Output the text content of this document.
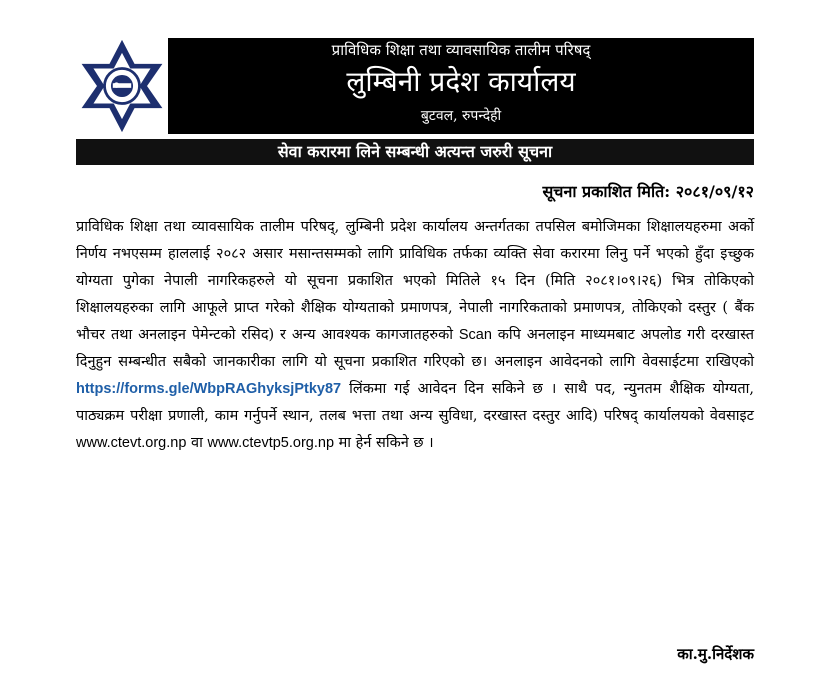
प्राविधिक शिक्षा तथा व्यावसायिक तालीम परिषद्
लुम्बिनी प्रदेश कार्यालय
बुटवल, रुपन्देही
सेवा करारमा लिने सम्बन्धी अत्यन्त जरुरी सूचना
सूचना प्रकाशित मिति: २०८१/०९/१२
प्राविधिक शिक्षा तथा व्यावसायिक तालीम परिषद्, लुम्बिनी प्रदेश कार्यालय अन्तर्गतका तपसिल बमोजिमका शिक्षालयहरुमा अर्को निर्णय नभएसम्म हाललाई २०८२ असार मसान्तसम्मको लागि प्राविधिक तर्फका व्यक्ति सेवा करारमा लिनु पर्ने भएको हुँदा इच्छुक योग्यता पुगेका नेपाली नागरिकहरुले यो सूचना प्रकाशित भएको मितिले १५ दिन (मिति २०८१।०९।२६) भित्र तोकिएको शिक्षालयहरुका लागि आफूले प्राप्त गरेको शैक्षिक योग्यताको प्रमाणपत्र, नेपाली नागरिकताको प्रमाणपत्र, तोकिएको दस्तुर ( बैंक भौचर तथा अनलाइन पेमेन्टको रसिद) र अन्य आवश्यक कागजातहरुको Scan कपि अनलाइन माध्यमबाट अपलोड गरी दरखास्त दिनुहुन सम्बन्धीत सबैको जानकारीका लागि यो सूचना प्रकाशित गरिएको छ। अनलाइन आवेदनको लागि वेवसाईटमा राखिएको https://forms.gle/WbpRAGhyksjPtky87 लिंकमा गई आवेदन दिन सकिने छ । साथै पद, न्युनतम शैक्षिक योग्यता, पाठ्यक्रम परीक्षा प्रणाली, काम गर्नुपर्ने स्थान, तलब भत्ता तथा अन्य सुविधा, दरखास्त दस्तुर आदि) परिषद् कार्यालयको वेवसाइट www.ctevt.org.np वा www.ctevtp5.org.np मा हेर्न सकिने छ ।
का.मु.निर्देशक
